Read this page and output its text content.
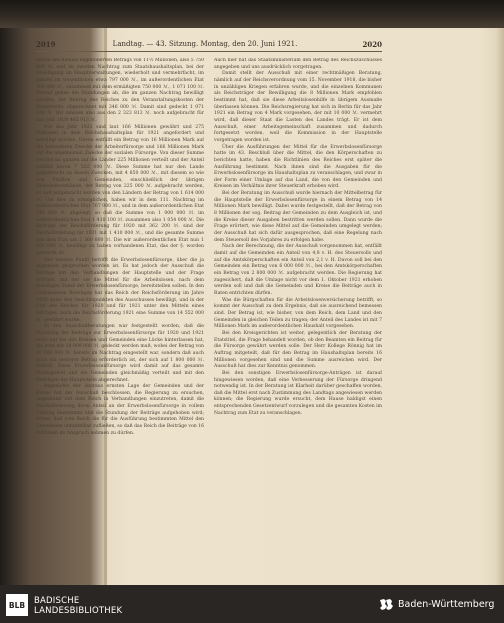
2019	Landtag. — 43. Sitzung. Montag, den 20. Juni 1921.	2020

Hälfte des damals angehoberten Betrags von 11½ Millionen, also 5 750 000 ℳ. und im zweiten Nachtrag zum Staatshaushaltsplan, bei der Bewilligung im Hauptverwaltungen, wiederholt und vermehrfacht, im ganzen im wesentlichen etwa 797 000 ℳ., im außerordentlichen Etat 300 000 ℳ., zusammen mit dem ermäßigten 750 000 ℳ., 1 071 100 ℳ. Herauf gehen die Stundungen ab, die im ganzen Nachtrag bewilligt wurden, der Beitrag des Reiches zu den Veranstaltungskosten der Hauptstelle, abgerechnet mit 346 000 ℳ. Damit sind gedeckt 1 071 100 ℳ. Wir müssen also aus den 2 323 813 ℳ. noch aufgebracht für das Jahr 1920 465 913 ℳ.

Für das Jahr 1921 sind laut 166 Millionen gewährt und 275 Millionen in dem Reichshaushaltsplan für 1921 angefordert und bewilligt worden. Davon entfällt ein Betrag von 16 Millionen Mark auf die besonderen Zwecke der Arbeiterfürsorge und 166 Millionen Mark auf die allgemeinen Zwecke der sozialen Fürsorge. Von dieser Summe werden im ganzen auf die Länder 225 Millionen verteilt und der Anteil entfällt davon 7 502 000 ℳ. Diese Summe hat nur den Lande aufgebracht an diesen Zwecken, mit 4 850 000 ℳ., mit diesem so wie den Städten und Gemeinden, einschließlich der übrigen Gemeindeverbände, der Betrag von 225 000 ℳ. aufgebracht werden, so daß aufgebracht werden von den Ländern der Betrag von 1 614 000 ℳ. Um dies zu ermöglichen, haben wir in dem 111. Nachtrag im außerordentlichen Etat 767 000 ℳ., und in dem außerordentlichen Etat 346 000 ℳ. abgelegt, so daß die Summe von 1 000 000 ℳ. im außerordentlichen Etat 1 410 100 ℳ. zusammen also 1 054 000 ℳ. Die Beiträge der Reichsförderung für 1920 mit 362 200 ℳ. sind der Reichsförderung für 1921 mit 1 410 000 ℳ., und die gesamte Summe aus dem Etat um 2 360 800 ℳ. Die wir außerordentlichen Etat nun 1 000 000 ℳ. bewilligt zu haben vorhandenen Etat, das der §. worden gebracht ist.

Der weitere Punkt betrifft die Erwerbslosenfürsorge, über die ja allgemein gesprochen worden ist. Es hat jedoch der Ausschuß die Beträge mit den Verhandlungen der Hauptstelle und der Frage erörtert, mit der sie die Mittel für die Arbeitslosen, nach dem jeweiligen Stand der Erwerbslosenfürsorge, bereitstellen sollen. In den vorhandenen Beiträgen hat das Reich der Reichsförderung im Jahre 1920 unter den Gesichtspunkten des Ausschusses bewilligt, und in der Etat des Reiches für 1920 und für 1921 unter den Mitteln eines Betrages, auch die Reichsförderung 1921 eine Summe von 14 552 000 ℳ. gewährt wurde.

In den Ausschußberatungen war festgestellt worden, daß die Stundung der Beiträge zur Erwerbslosenfürsorge für 1920 und 1921 nicht nur bei den Kreisen und Gemeinden eine Lücke hinterlassen hat, die jetzt mit 18 000 000 ℳ. gedeckt werden muß, wobei der Betrag von 10 000 000 ℳ. bereits im Nachtrag eingestellt war, sondern daß auch noch ein weiterer Betrag erforderlich ist, der sich auf 1 800 000 ℳ. beläuft. Diese Erwerbslosenfürsorge wird damit auf das gesamte Staatsgebiet und die Gemeinden gleichmäßig verteilt und mit den Beiträgen der Hauptstelle abgerechnet.

Angesichts der überaus ernsten Lage der Gemeinden und der Kreise hat der Ausschuß beschlossen, die Regierung zu ersuchen, ungesäumt mit dem Reich in Verhandlungen einzutreten, damit die Reichsförderung ihren Anteil an der Erwerbslosenfürsorge in vollem Umfang übernimmt und die Stundung der Beiträge aufgehoben wird; ferner, daß vom Reich die für die Ausführung bestimmten Mittel den Gemeinden unmittelbar zufließen, so daß das Reich die Beiträge von 16 Millionen im Anspruch nehmen zu dürfen.

Auch hier hat das Staatsministerium den Betrag des Reichszuschusses angegeben und uns ausdrücklich vorgetragen.

Damit stellt der Ausschuß mit einer rechtmäßigen Beratung, nämlich auf der Reichsverordnung vom 15. November 1918, die bisher in unzähligen Kriegen erfahren wurde, und die einzelnen Kommunen als Reichsträger der Bewilligung die 8 Millionen Mark empfohlen bestimmt hat, daß sie diese Arbeitslosenhilfe in übrigem Ausmaße überlassen können. Die Reichsregierung hat sich in Berlin für das Jahr 1921 ein Betrag von 4 Mark vorgesehen, der mit 10 000 ℳ. vermehrt wird, daß dieser Staat die Lasten des Landes trägt. Er ist dem Ausschuß, einer Arbeitsgemeinschaft zusammen und dadurch fortgesetzt worden, weil die Kommission in der Hauptstelle vorgetragen worden ist.

Über die Ausführungen der Mittel für die Erwerbslosenfürsorge hatte im 43. Beschluß über die Mittel, die den Körperschaften zu berichten hatte, haben die Richtlinien des Reiches erst später die Ausführung bestimmt. Nach ihnen sind die Ausgaben für die Erwerbslosenfürsorge im Haushaltsplan zu veranschlagen, und zwar in der Form einer Umlage auf das Land, die von den Gemeinden und Kreisen im Verhältnis ihrer Steuerkraft erhoben wird.

Bei der Beratung im Ausschuß wurde hiernach der Mittelbetrag für die Hauptstelle der Erwerbslosenfürsorge in einem Betrag von 14 Millionen Mark bewilligt. Dabei wurde festgestellt, daß der Betrag von 8 Millionen der sog. Beitrag der Gemeinden zu dem Ausgleich ist, und die Kreise dieser Ausgaben bestritten werden sollen. Dann wurde die Frage erörtert, wie diese Mittel auf die Gemeinden umgelegt werden; der Ausschuß hat sich dafür ausgesprochen, daß eine Regelung nach dem Steuersoll des Vorjahres zu erfolgen habe.

Nach der Berechnung, die der Ausschuß vorgenommen hat, entfällt damit auf die Gemeinden ein Anteil von 4,8 v. H. des Steuersolls und auf die Amtskörperschaften ein Anteil von 2,1 v. H. Davon soll bei den Gemeinden ein Betrag von 6 000 000 ℳ., bei den Amtskörperschaften ein Betrag von 2 800 000 ℳ. aufgebracht werden. Die Regierung hat zugesichert, daß die Umlage nicht vor dem 1. Oktober 1921 erhoben werden soll und daß die Gemeinden und Kreise die Beiträge auch in Raten entrichten dürfen.

Was die Bürgschaften für die Arbeitslosenversicherung betrifft, so kommt der Ausschuß zu dem Ergebnis, daß sie ausreichend bemessen sind. Der Betrag ist, wie bisher, von dem Reich, dem Land und den Gemeinden in gleichen Teilen zu tragen; der Anteil des Landes ist mit 7 Millionen Mark im außerordentlichen Haushalt vorgesehen.

Bei den Kreisgerichten ist weiter, gelegentlich der Beratung der Etatstitel, die Frage behandelt worden, ob den Beamten ein Beitrag für die Fürsorge gewährt werden solle. Der Herr Kollege Rönnig hat im Auftrag mitgeteilt, daß für den Betrag im Haushaltsplan bereits 16 Millionen vorgesehen sind und die Summe ausreichen wird. Der Ausschuß hat dies zur Kenntnis genommen.

Bei den sonstigen Erwerbslosenfürsorge-Anträgen ist darauf hingewiesen worden, daß eine Verbesserung der Fürsorge dringend notwendig ist. In der Beratung ist Klarheit darüber geschaffen worden, daß die Mittel erst nach Zustimmung des Landtags angewiesen werden können; die Regierung wurde ersucht, dem Hause baldigst einen entsprechenden Gesetzentwurf vorzulegen und die gesamten Kosten im Nachtrag zum Etat zu veranschlagen.

BLB	BADISCHE
LANDESBIBLIOTHEK
Baden-Württemberg
